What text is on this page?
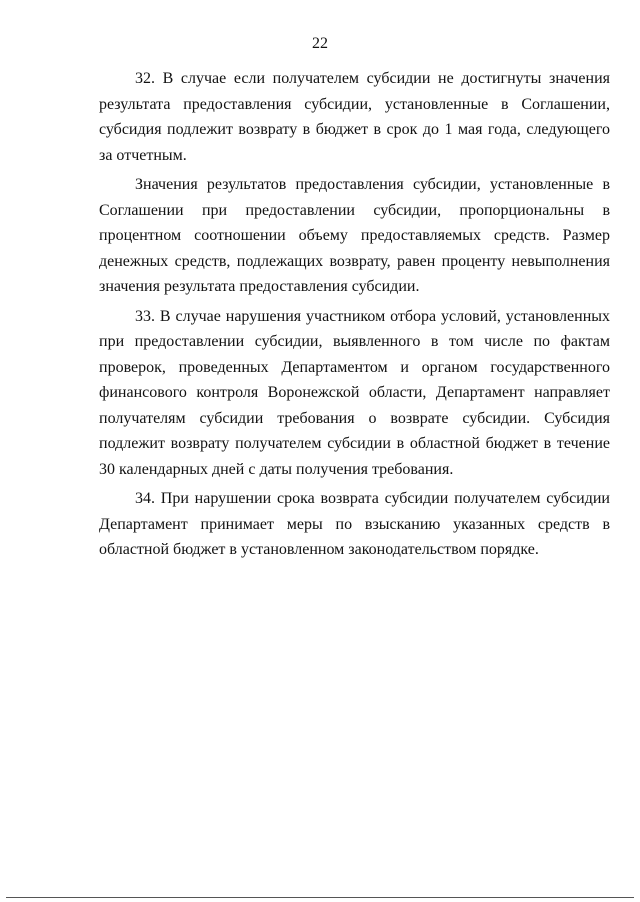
22

32. В случае если получателем субсидии не достигнуты значения результата предоставления субсидии, установленные в Соглашении, субсидия подлежит возврату в бюджет в срок до 1 мая года, следующего за отчетным.

Значения результатов предоставления субсидии, установленные в Соглашении при предоставлении субсидии, пропорциональны в процентном соотношении объему предоставляемых средств. Размер денежных средств, подлежащих возврату, равен проценту невыполнения значения результата предоставления субсидии.

33. В случае нарушения участником отбора условий, установленных при предоставлении субсидии, выявленного в том числе по фактам проверок, проведенных Департаментом и органом государственного финансового контроля Воронежской области, Департамент направляет получателям субсидии требования о возврате субсидии. Субсидия подлежит возврату получателем субсидии в областной бюджет в течение 30 календарных дней с даты получения требования.

34. При нарушении срока возврата субсидии получателем субсидии Департамент принимает меры по взысканию указанных средств в областной бюджет в установленном законодательством порядке.
